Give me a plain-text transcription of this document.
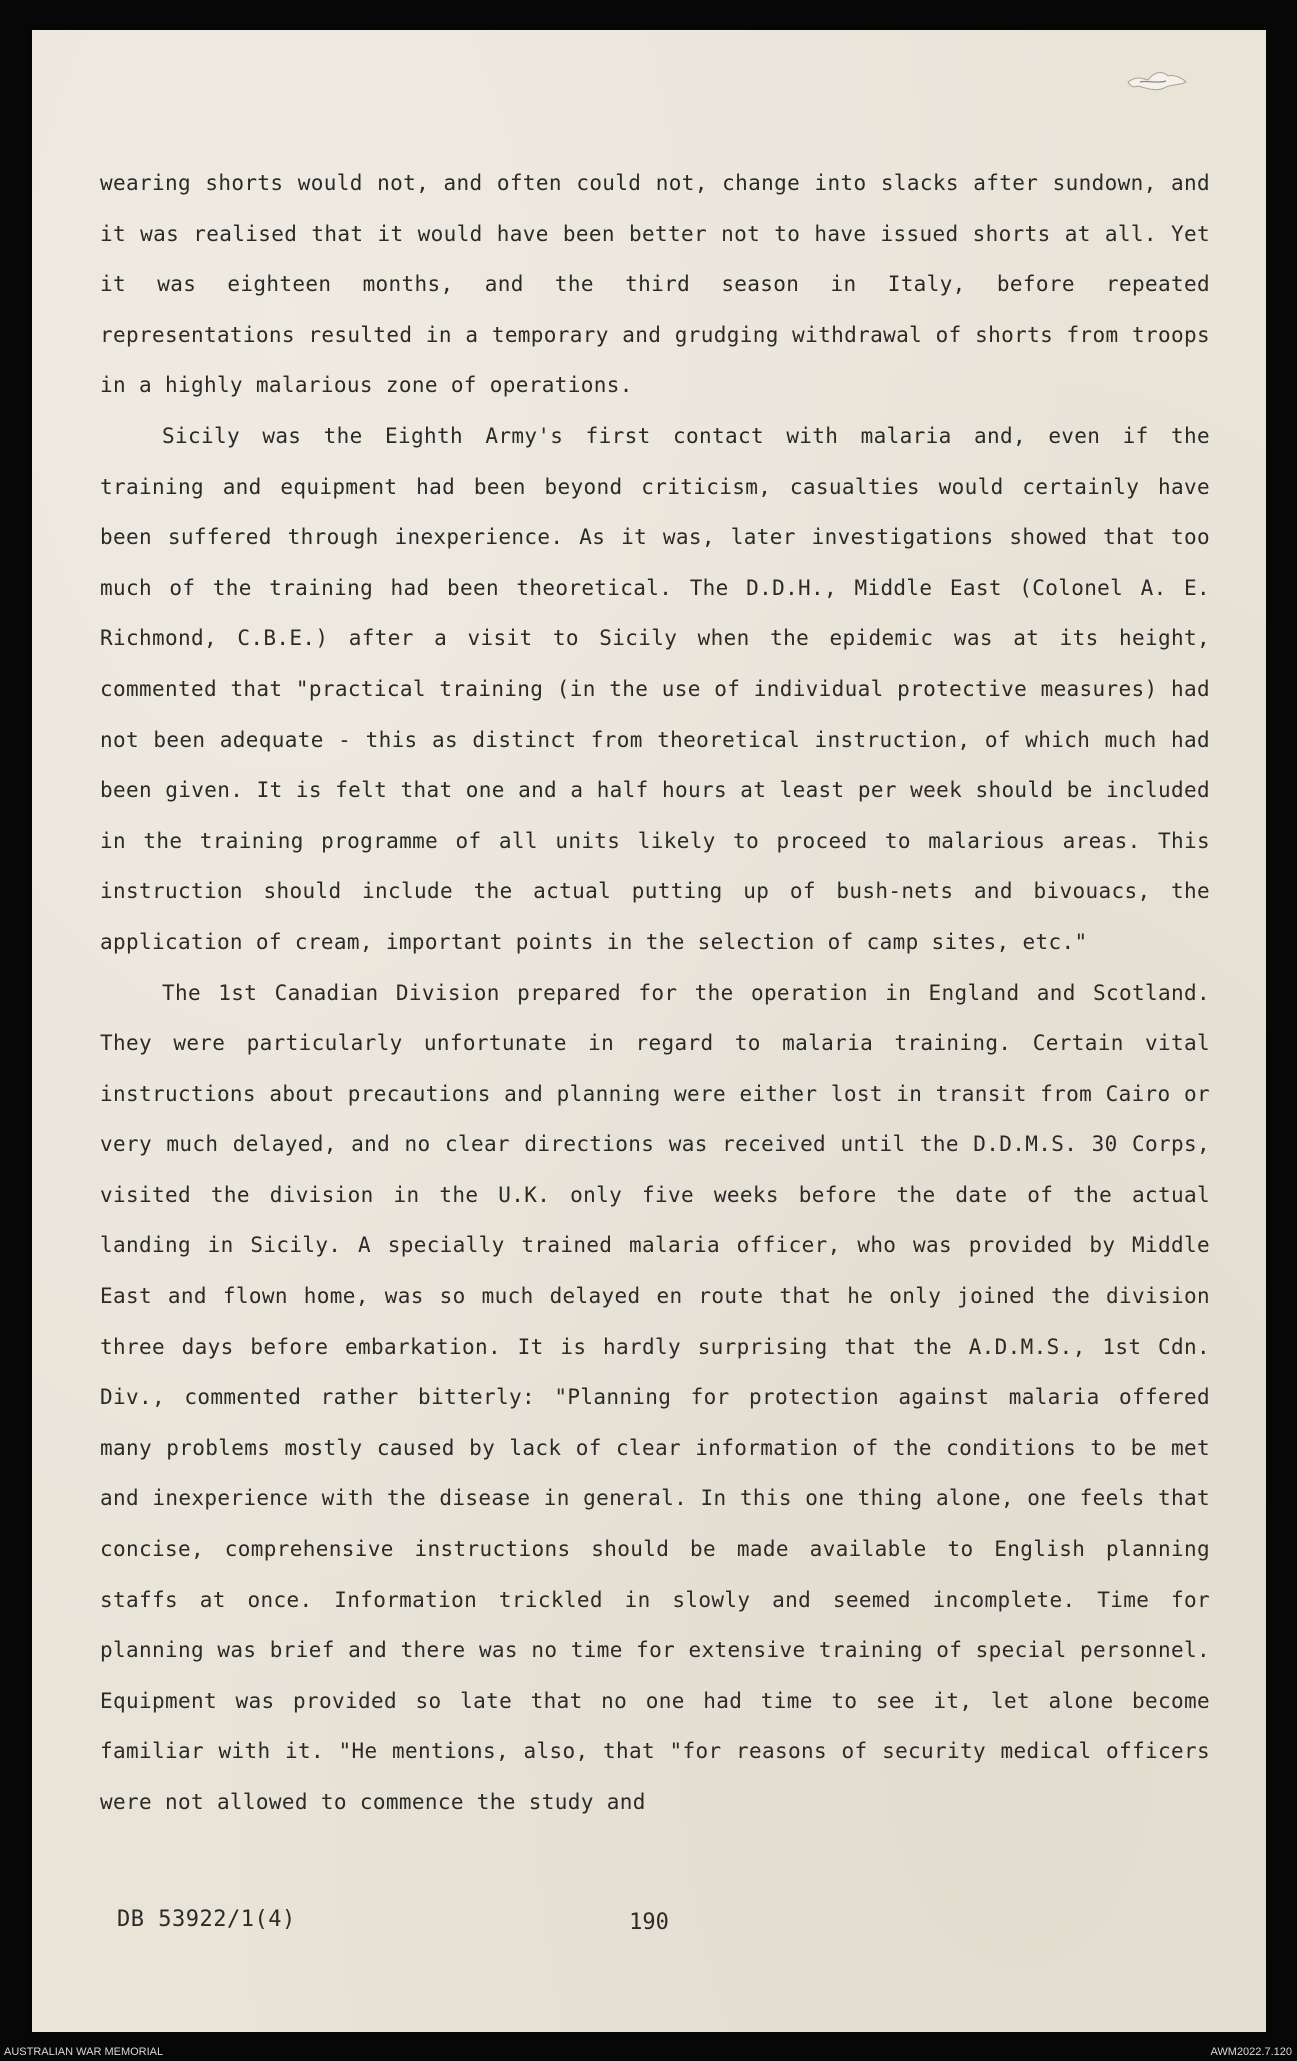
wearing shorts would not, and often could not, change into slacks after sundown, and it was realised that it would have been better not to have issued shorts at all. Yet it was eighteen months, and the third season in Italy, before repeated representations resulted in a temporary and grudging withdrawal of shorts from troops in a highly malarious zone of operations.

Sicily was the Eighth Army's first contact with malaria and, even if the training and equipment had been beyond criticism, casualties would certainly have been suffered through inexperience. As it was, later investigations showed that too much of the training had been theoretical. The D.D.H., Middle East (Colonel A. E. Richmond, C.B.E.) after a visit to Sicily when the epidemic was at its height, commented that "practical training (in the use of individual protective measures) had not been adequate - this as distinct from theoretical instruction, of which much had been given. It is felt that one and a half hours at least per week should be included in the training programme of all units likely to proceed to malarious areas. This instruction should include the actual putting up of bush-nets and bivouacs, the application of cream, important points in the selection of camp sites, etc."

The 1st Canadian Division prepared for the operation in England and Scotland. They were particularly unfortunate in regard to malaria training. Certain vital instructions about precautions and planning were either lost in transit from Cairo or very much delayed, and no clear directions was received until the D.D.M.S. 30 Corps, visited the division in the U.K. only five weeks before the date of the actual landing in Sicily. A specially trained malaria officer, who was provided by Middle East and flown home, was so much delayed en route that he only joined the division three days before embarkation. It is hardly surprising that the A.D.M.S., 1st Cdn. Div., commented rather bitterly: "Planning for protection against malaria offered many problems mostly caused by lack of clear information of the conditions to be met and inexperience with the disease in general. In this one thing alone, one feels that concise, comprehensive instructions should be made available to English planning staffs at once. Information trickled in slowly and seemed incomplete. Time for planning was brief and there was no time for extensive training of special personnel. Equipment was provided so late that no one had time to see it, let alone become familiar with it. "He mentions, also, that "for reasons of security medical officers were not allowed to commence the study and

DB 53922/1(4)	190
AUSTRALIAN WAR MEMORIAL	AWM2022.7.120
